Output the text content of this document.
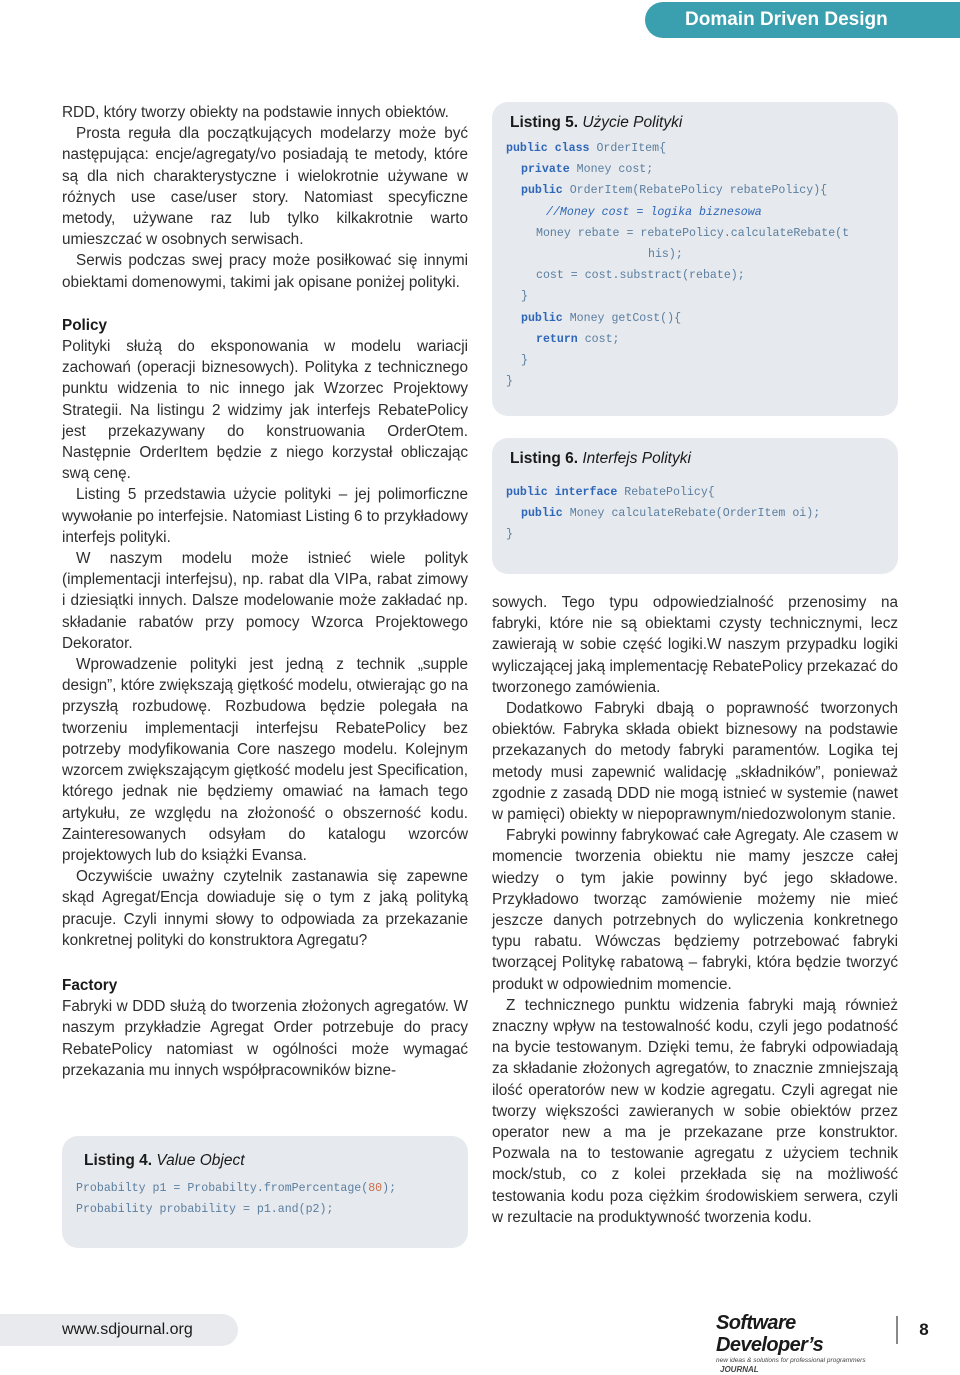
Domain Driven Design

RDD, który tworzy obiekty na podstawie innych obiektów.

Prosta reguła dla początkujących modelarzy może być następująca: encje/agregaty/vo posiadają te metody, które są dla nich charakterystyczne i wielokrotnie używane w różnych use case/user story. Natomiast specyficzne metody, używane raz lub tylko kilkakrotnie warto umieszczać w osobnych serwisach.

Serwis podczas swej pracy może posiłkować się innymi obiektami domenowymi, takimi jak opisane poniżej polityki.

Policy

Polityki służą do eksponowania w modelu wariacji zachowań (operacji biznesowych). Polityka z technicznego punktu widzenia to nic innego jak Wzorzec Projektowy Strategii. Na listingu 2 widzimy jak interfejs RebatePolicy jest przekazywany do konstruowania OrderOtem. Następnie OrderItem będzie z niego korzystał obliczając swą cenę.

Listing 5 przedstawia użycie polityki – jej polimorficzne wywołanie po interfejsie. Natomiast Listing 6 to przykładowy interfejs polityki.

W naszym modelu może istnieć wiele polityk (implementacji interfejsu), np. rabat dla VIPa, rabat zimowy i dziesiątki innych. Dalsze modelowanie może zakładać np. składanie rabatów przy pomocy Wzorca Projektowego Dekorator.

Wprowadzenie polityki jest jedną z technik „supple design”, które zwiększają giętkość modelu, otwierając go na przyszłą rozbudowę. Rozbudowa będzie polegała na tworzeniu implementacji interfejsu RebatePolicy bez potrzeby modyfikowania Core naszego modelu. Kolejnym wzorcem zwiększającym giętkość modelu jest Specification, którego jednak nie będziemy omawiać na łamach tego artykułu, ze względu na złożoność o obszerność kodu. Zainteresowanych odsyłam do katalogu wzorców projektowych lub do książki Evansa.

Oczywiście uważny czytelnik zastanawia się zapewne skąd Agregat/Encja dowiaduje się o tym z jaką polityką pracuje. Czyli innymi słowy to odpowiada za przekazanie konkretnej polityki do konstruktora Agregatu?

Factory

Fabryki w DDD służą do tworzenia złożonych agregatów. W naszym przykładzie Agregat Order potrzebuje do pracy RebatePolicy natomiast w ogólności może wymagać przekazania mu innych współpracowników bizne-

Listing 4. Value Object

Probabilty p1 = Probabilty.fromPercentage(80);
Probability probability = p1.and(p2);

Listing 5. Użycie Polityki

public class OrderItem{
private Money cost;
public OrderItem(RebatePolicy rebatePolicy){
//Money cost = logika biznesowa
Money rebate = rebatePolicy.calculateRebate(t
his);
cost = cost.substract(rebate);
}
public Money getCost(){
return cost;
}
}

Listing 6. Interfejs Polityki

public interface RebatePolicy{
public Money calculateRebate(OrderItem oi);
}

sowych. Tego typu odpowiedzialność przenosimy na fabryki, które nie są obiektami czysty technicznymi, lecz zawierają w sobie część logiki.W naszym przypadku logiki wyliczającej jaką implementację RebatePolicy przekazać do tworzonego zamówienia.

Dodatkowo Fabryki dbają o poprawność tworzonych obiektów. Fabryka składa obiekt biznesowy na podstawie przekazanych do metody fabryki paramentów. Logika tej metody musi zapewnić walidację „składników”, ponieważ zgodnie z zasadą DDD nie mogą istnieć w systemie (nawet w pamięci) obiekty w niepoprawnym/niedozwolonym stanie.

Fabryki powinny fabrykować całe Agregaty. Ale czasem w momencie tworzenia obiektu nie mamy jeszcze całej wiedzy o tym jakie powinny być jego składowe. Przykładowo tworząc zamówienie możemy nie mieć jeszcze danych potrzebnych do wyliczenia konkretnego typu rabatu. Wówczas będziemy potrzebować fabryki tworzącej Politykę rabatową – fabryki, która będzie tworzyć produkt w odpowiednim momencie.

Z technicznego punktu widzenia fabryki mają również znaczny wpływ na testowalność kodu, czyli jego podatność na bycie testowanym. Dzięki temu, że fabryki odpowiadają za składanie złożonych agregatów, to znacznie zmniejszają ilość operatorów new w kodzie agregatu. Czyli agregat nie tworzy większości zawieranych w sobie obiektów przez operator new a ma je przekazane prze konstruktor. Pozwala na to testowanie agregatu z użyciem technik mock/stub, co z kolei przekłada się na możliwość testowania kodu poza ciężkim środowiskiem serwera, czyli w rezultacie na produktywność tworzenia kodu.

www.sdjournal.org	Software Developer’s
new ideas & solutions for professional programmers JOURNAL
8
